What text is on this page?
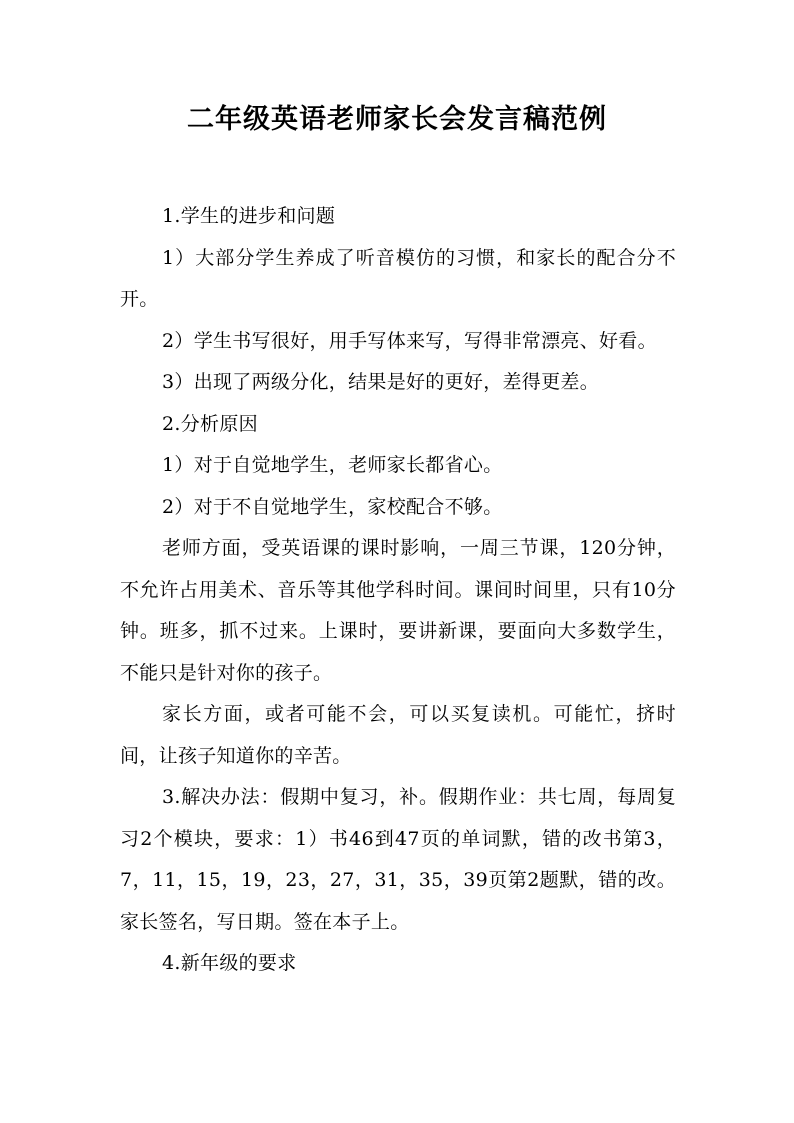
二年级英语老师家长会发言稿范例

1.学生的进步和问题

1）大部分学生养成了听音模仿的习惯，和家长的配合分不开。

2）学生书写很好，用手写体来写，写得非常漂亮、好看。

3）出现了两级分化，结果是好的更好，差得更差。

2.分析原因

1）对于自觉地学生，老师家长都省心。

2）对于不自觉地学生，家校配合不够。

老师方面，受英语课的课时影响，一周三节课，120分钟，不允许占用美术、音乐等其他学科时间。课间时间里，只有10分钟。班多，抓不过来。上课时，要讲新课，要面向大多数学生，不能只是针对你的孩子。

家长方面，或者可能不会，可以买复读机。可能忙，挤时间，让孩子知道你的辛苦。

3.解决办法：假期中复习，补。假期作业：共七周，每周复习2个模块，要求：1）书46到47页的单词默，错的改书第3，7，11，15，19，23，27，31，35，39页第2题默，错的改。家长签名，写日期。签在本子上。

4.新年级的要求
